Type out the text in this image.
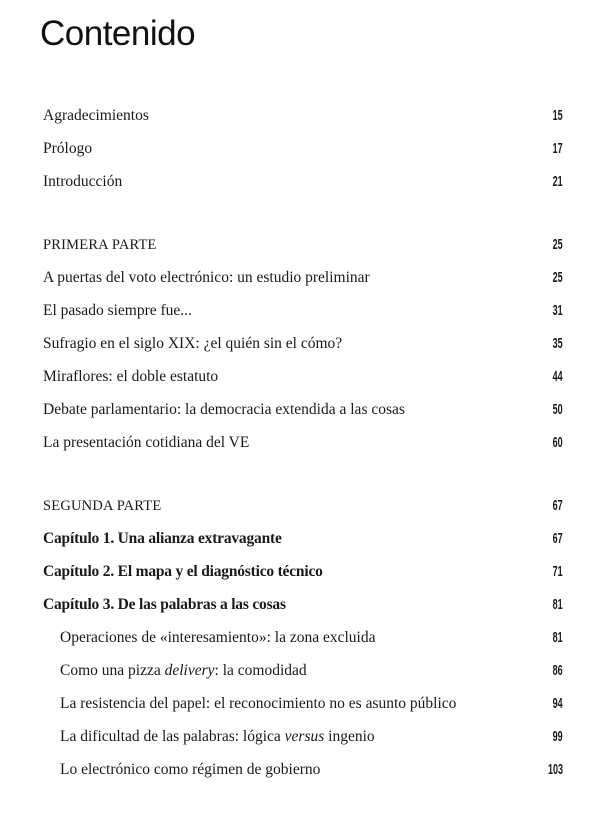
Contenido
Agradecimientos	15
Prólogo	17
Introducción	21
PRIMERA PARTE	25
A puertas del voto electrónico: un estudio preliminar	25
El pasado siempre fue...	31
Sufragio en el siglo XIX: ¿el quién sin el cómo?	35
Miraflores: el doble estatuto	44
Debate parlamentario: la democracia extendida a las cosas	50
La presentación cotidiana del VE	60
SEGUNDA PARTE	67
Capítulo 1. Una alianza extravagante	67
Capítulo 2. El mapa y el diagnóstico técnico	71
Capítulo 3. De las palabras a las cosas	81
Operaciones de «interesamiento»: la zona excluida	81
Como una pizza delivery: la comodidad	86
La resistencia del papel: el reconocimiento no es asunto público	94
La dificultad de las palabras: lógica versus ingenio	99
Lo electrónico como régimen de gobierno	103
